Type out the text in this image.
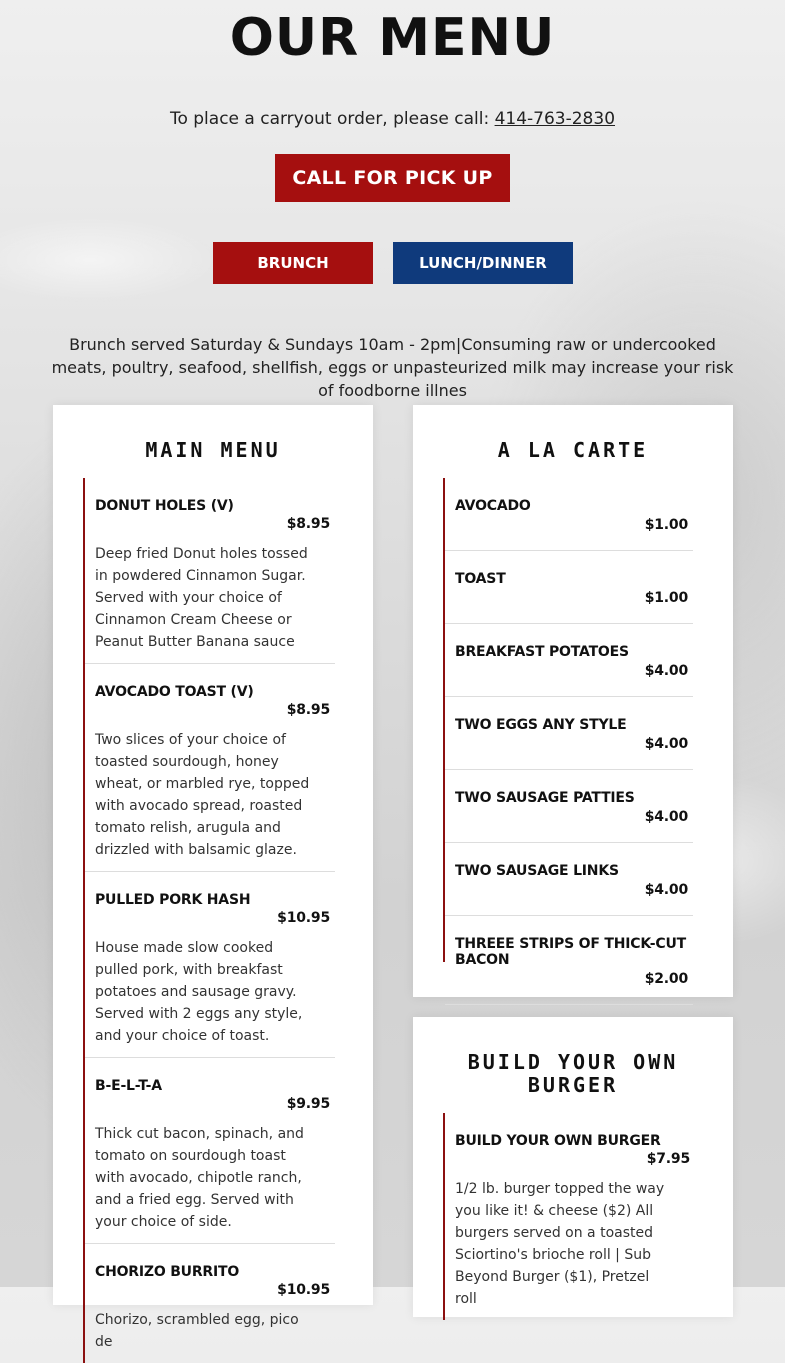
OUR MENU
To place a carryout order, please call: 414-763-2830
CALL FOR PICK UP
BRUNCH	LUNCH/DINNER
Brunch served Saturday & Sundays 10am - 2pm|Consuming raw or undercooked meats, poultry, seafood, shellfish, eggs or unpasteurized milk may increase your risk of foodborne illnes
MAIN MENU
DONUT HOLES (V)
$8.95
Deep fried Donut holes tossed in powdered Cinnamon Sugar. Served with your choice of Cinnamon Cream Cheese or Peanut Butter Banana sauce
AVOCADO TOAST (V)
$8.95
Two slices of your choice of toasted sourdough, honey wheat, or marbled rye, topped with avocado spread, roasted tomato relish, arugula and drizzled with balsamic glaze.
PULLED PORK HASH
$10.95
House made slow cooked pulled pork, with breakfast potatoes and sausage gravy. Served with 2 eggs any style, and your choice of toast.
B-E-L-T-A
$9.95
Thick cut bacon, spinach, and tomato on sourdough toast with avocado, chipotle ranch, and a fried egg. Served with your choice of side.
CHORIZO BURRITO
$10.95
Chorizo, scrambled egg, pico de
A LA CARTE
AVOCADO
$1.00
TOAST
$1.00
BREAKFAST POTATOES
$4.00
TWO EGGS ANY STYLE
$4.00
TWO SAUSAGE PATTIES
$4.00
TWO SAUSAGE LINKS
$4.00
THREEE STRIPS OF THICK-CUT BACON
$2.00
BUILD YOUR OWN BURGER
BUILD YOUR OWN BURGER
$7.95
1/2 lb. burger topped the way you like it! & cheese ($2) All burgers served on a toasted Sciortino's brioche roll | Sub Beyond Burger ($1), Pretzel roll
